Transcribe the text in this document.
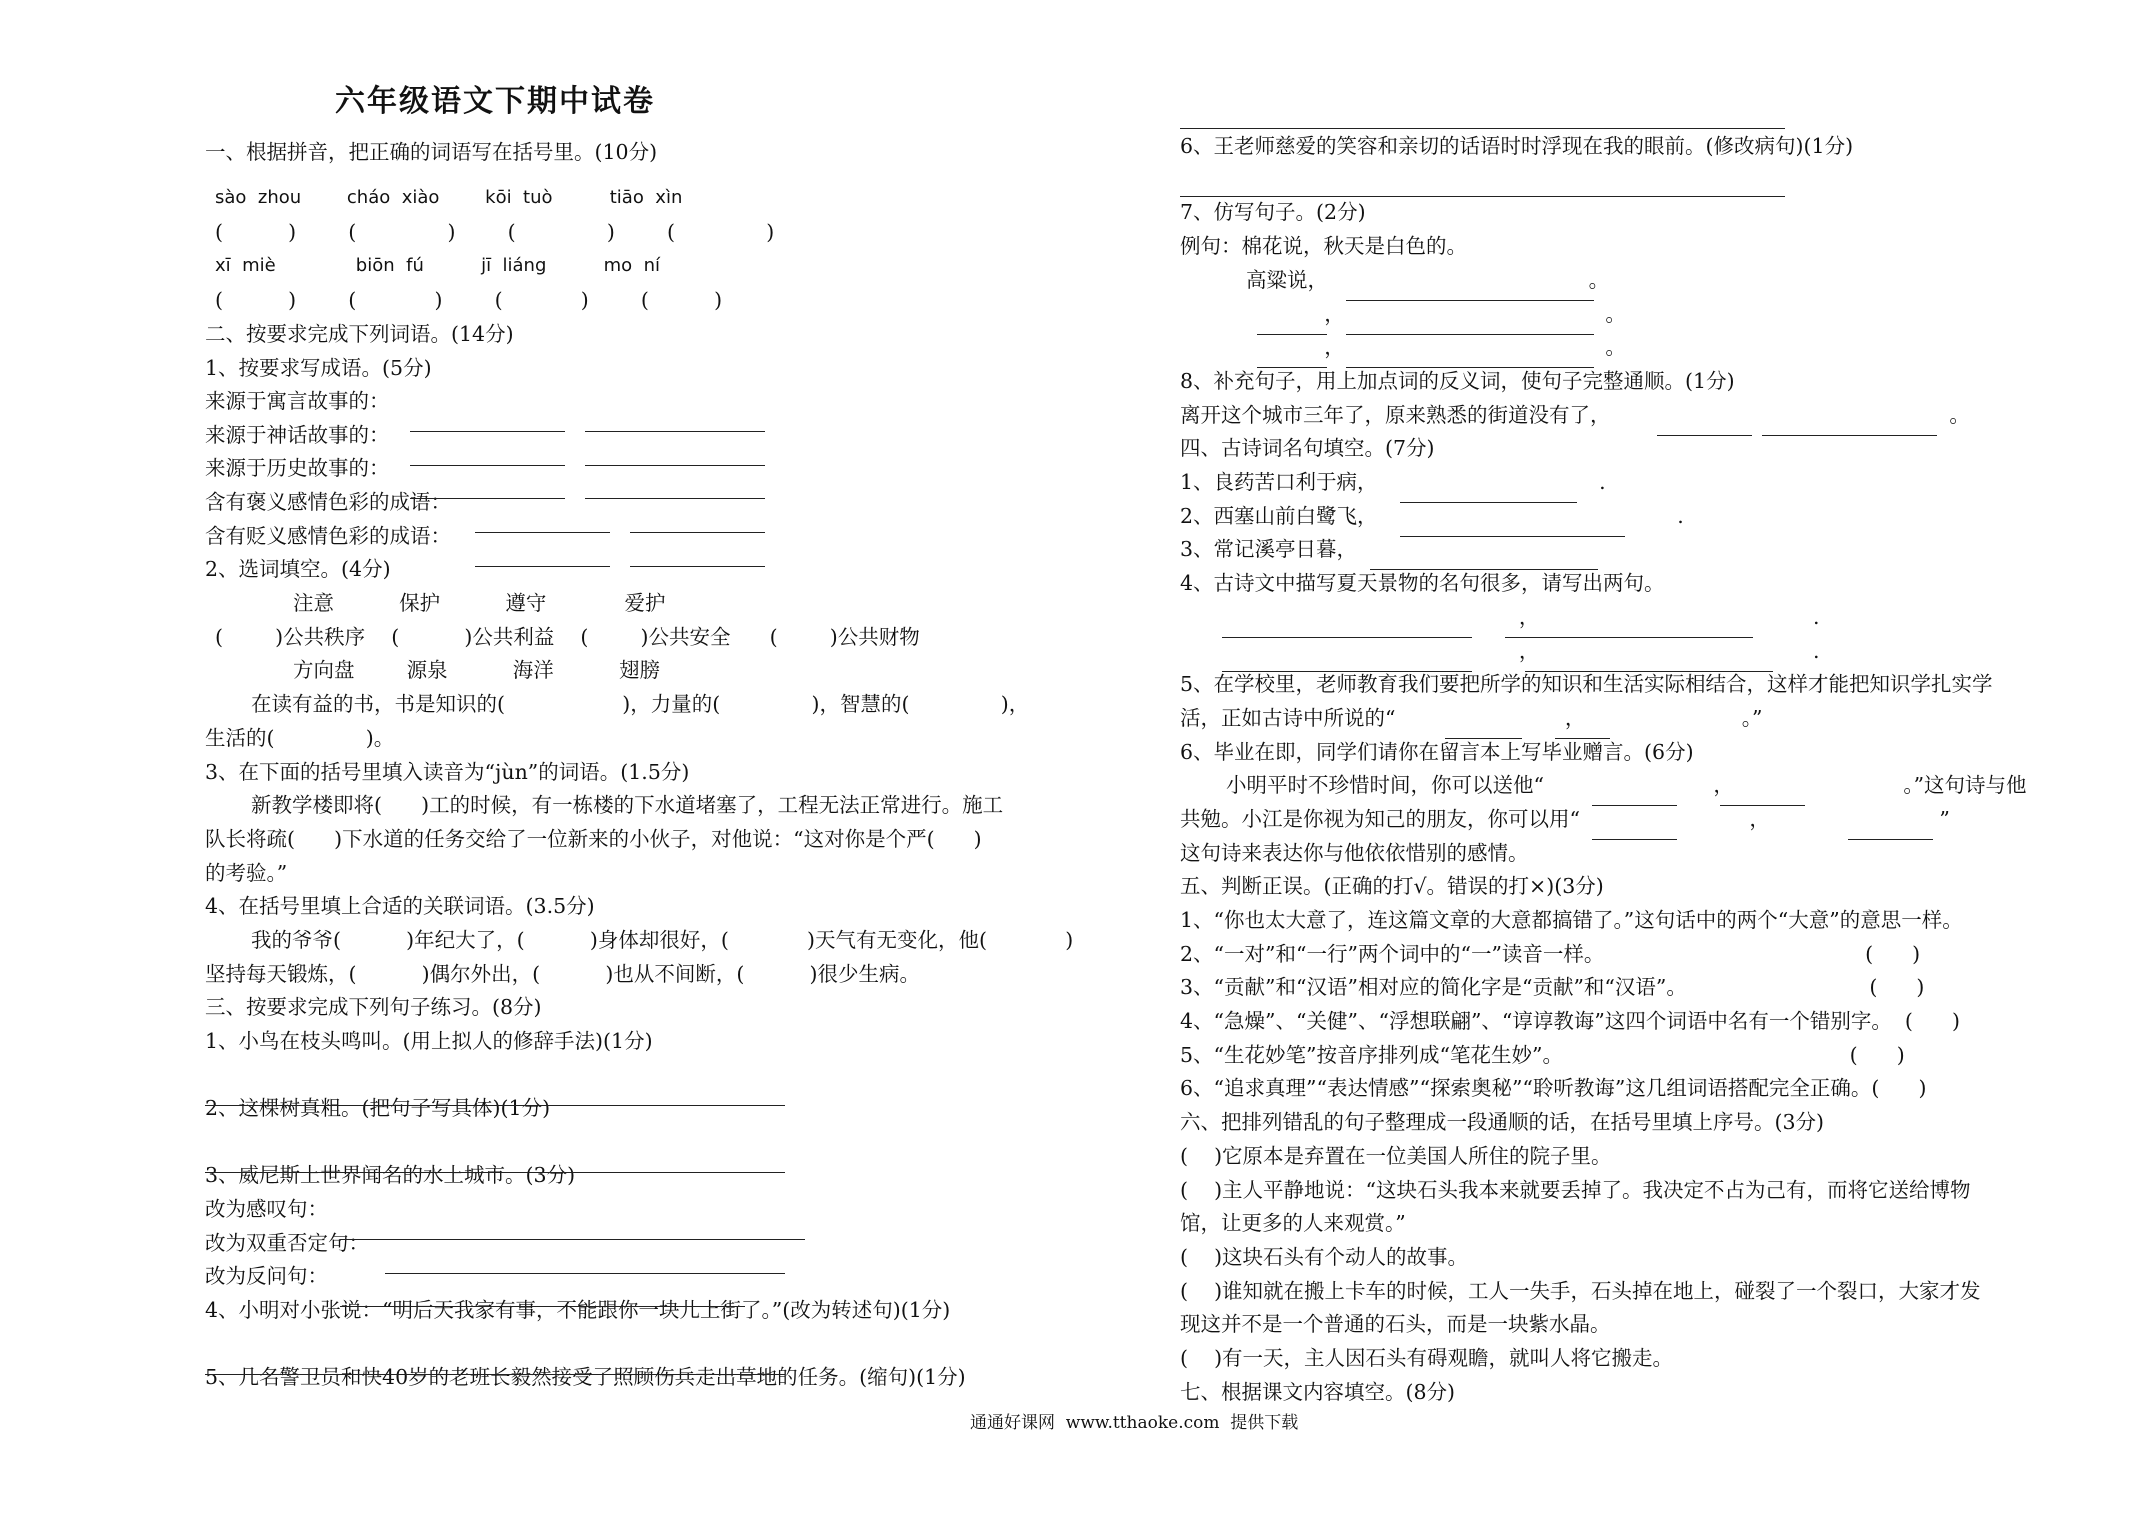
六年级语文下期中试卷
一、根据拼音，把正确的词语写在括号里。(10分)
sào  zhou        cháo  xiào        kōi  tuò          tiāo  xìn
(          )        (              )        (              )        (              )
xī  miè              biōn  fú          jī  liáng          mo  ní
(          )        (            )        (            )        (          )
二、按要求完成下列词语。(14分)
1、按要求写成语。(5分)
来源于寓言故事的：
来源于神话故事的：
来源于历史故事的：
含有褒义感情色彩的成语：
含有贬义感情色彩的成语：
2、选词填空。(4分)
注意          保护          遵守            爱护
(        )公共秩序    (          )公共利益    (        )公共安全      (        )公共财物
方向盘        源泉          海洋          翅膀
在读有益的书，书是知识的(                  )，力量的(              )，智慧的(              )，
生活的(              )。
3、在下面的括号里填入读音为“jùn”的词语。(1.5分)
新教学楼即将(      )工的时候，有一栋楼的下水道堵塞了，工程无法正常进行。施工
队长将疏(      )下水道的任务交给了一位新来的小伙子，对他说：“这对你是个严(      )
的考验。”
4、在括号里填上合适的关联词语。(3.5分)
我的爷爷(          )年纪大了，(          )身体却很好，(            )天气有无变化，他(            )
坚持每天锻炼，(          )偶尔外出，(          )也从不间断，(          )很少生病。
三、按要求完成下列句子练习。(8分)
1、小鸟在枝头鸣叫。(用上拟人的修辞手法)(1分)
2、这棵树真粗。(把句子写具体)(1分)
3、威尼斯上世界闻名的水上城市。(3分)
改为感叹句：
改为双重否定句：
改为反问句：
4、小明对小张说：“明后天我家有事，不能跟你一块儿上街了。”(改为转述句)(1分)
5、几名警卫员和快40岁的老班长毅然接受了照顾伤兵走出草地的任务。(缩句)(1分)
6、王老师慈爱的笑容和亲切的话语时时浮现在我的眼前。(修改病句)(1分)
7、仿写句子。(2分)
例句：棉花说，秋天是白色的。
高粱说，                                        。
，                                        。
，                                        。
8、补充句子，用上加点词的反义词，使句子完整通顺。(1分)
离开这个城市三年了，原来熟悉的街道没有了，                                                    。
四、古诗词名句填空。(7分)
1、良药苦口利于病，                                  .
2、西塞山前白鹭飞，                                              .
3、常记溪亭日暮，
4、古诗文中描写夏天景物的名句很多，请写出两句。
，                                          .
，                                          .
5、在学校里，老师教育我们要把所学的知识和生活实际相结合，这样才能把知识学扎实学
活，正如古诗中所说的“                          ，                        。”
6、毕业在即，同学们请你在留言本上写毕业赠言。(6分)
小明平时不珍惜时间，你可以送他“                          ，                          。”这句诗与他
共勉。小江是你视为知己的朋友，你可以用“                          ，                          ”
这句诗来表达你与他依依惜别的感情。
五、判断正误。(正确的打√。错误的打×)(3分)
1、“你也太大意了，连这篇文章的大意都搞错了。”这句话中的两个“大意”的意思一样。
2、“一对”和“一行”两个词中的“一”读音一样。                                        (      )
3、“贡献”和“汉语”相对应的简化字是“贡献”和“汉语”。                            (      )
4、“急燥”、“关健”、“浮想联翩”、“谆谆教诲”这四个词语中名有一个错别字。  (      )
5、“生花妙笔”按音序排列成“笔花生妙”。                                            (      )
6、“追求真理”“表达情感”“探索奥秘”“聆听教诲”这几组词语搭配完全正确。(      )
六、把排列错乱的句子整理成一段通顺的话，在括号里填上序号。(3分)
(    )它原本是弃置在一位美国人所住的院子里。
(    )主人平静地说：“这块石头我本来就要丢掉了。我决定不占为己有，而将它送给博物
馆，让更多的人来观赏。”
(    )这块石头有个动人的故事。
(    )谁知就在搬上卡车的时候，工人一失手，石头掉在地上，碰裂了一个裂口，大家才发
现这并不是一个普通的石头，而是一块紫水晶。
(    )有一天，主人因石头有碍观瞻，就叫人将它搬走。
七、根据课文内容填空。(8分)
通通好课网  www.tthaoke.com  提供下载
